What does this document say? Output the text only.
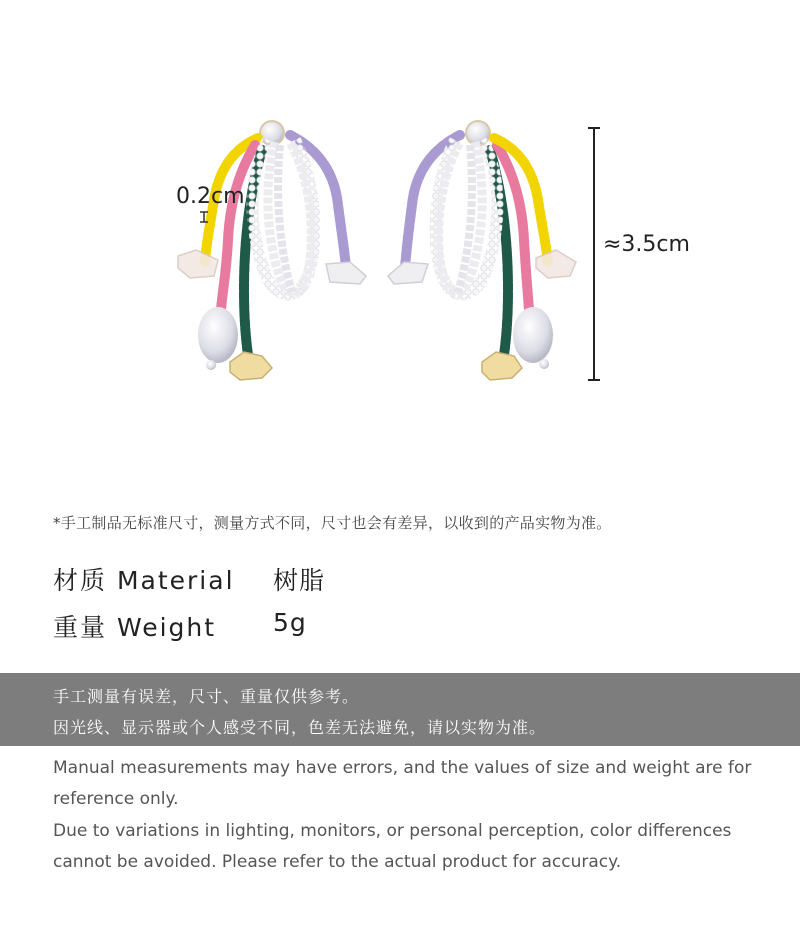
0.2cm
≈3.5cm

*手工制品无标准尺寸，测量方式不同，尺寸也会有差异，以收到的产品实物为准。

材质 Material 树脂
重量 Weight 5g

手工测量有误差，尺寸、重量仅供参考。

因光线、显示器或个人感受不同，色差无法避免，请以实物为准。

Manual measurements may have errors, and the values of size and weight are for reference only.

Due to variations in lighting, monitors, or personal perception, color differences cannot be avoided. Please refer to the actual product for accuracy.
